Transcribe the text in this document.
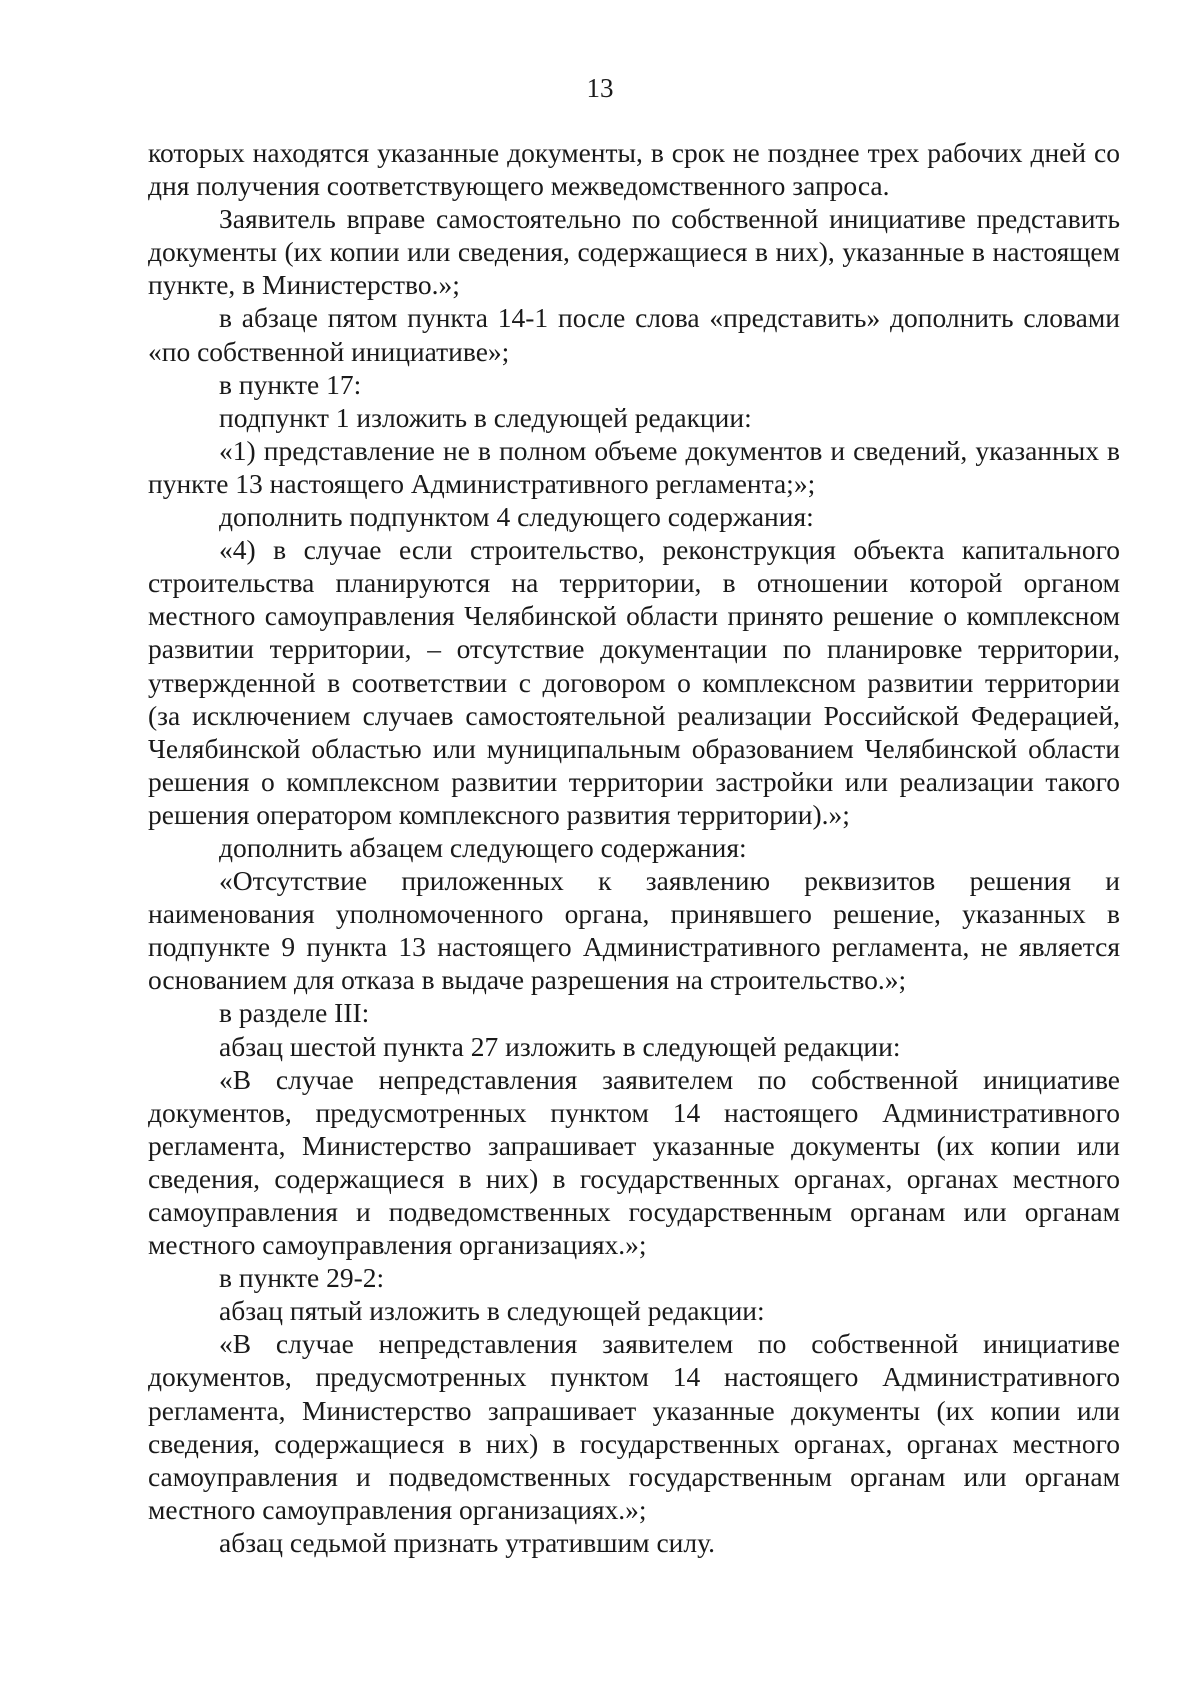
13

которых находятся указанные документы, в срок не позднее трех рабочих дней со дня получения соответствующего межведомственного запроса.

Заявитель вправе самостоятельно по собственной инициативе представить документы (их копии или сведения, содержащиеся в них), указанные в настоящем пункте, в Министерство.»;

в абзаце пятом пункта 14-1 после слова «представить» дополнить словами «по собственной инициативе»;

в пункте 17:

подпункт 1 изложить в следующей редакции:

«1) представление не в полном объеме документов и сведений, указанных в пункте 13 настоящего Административного регламента;»;

дополнить подпунктом 4 следующего содержания:

«4) в случае если строительство, реконструкция объекта капитального строительства планируются на территории, в отношении которой органом местного самоуправления Челябинской области принято решение о комплексном развитии территории, – отсутствие документации по планировке территории, утвержденной в соответствии с договором о комплексном развитии территории (за исключением случаев самостоятельной реализации Российской Федерацией, Челябинской областью или муниципальным образованием Челябинской области решения о комплексном развитии территории застройки или реализации такого решения оператором комплексного развития территории).»;

дополнить абзацем следующего содержания:

«Отсутствие приложенных к заявлению реквизитов решения и наименования уполномоченного органа, принявшего решение, указанных в подпункте 9 пункта 13 настоящего Административного регламента, не является основанием для отказа в выдаче разрешения на строительство.»;

в разделе III:

абзац шестой пункта 27 изложить в следующей редакции:

«В случае непредставления заявителем по собственной инициативе документов, предусмотренных пунктом 14 настоящего Административного регламента, Министерство запрашивает указанные документы (их копии или сведения, содержащиеся в них) в государственных органах, органах местного самоуправления и подведомственных государственным органам или органам местного самоуправления организациях.»;

в пункте 29-2:

абзац пятый изложить в следующей редакции:

«В случае непредставления заявителем по собственной инициативе документов, предусмотренных пунктом 14 настоящего Административного регламента, Министерство запрашивает указанные документы (их копии или сведения, содержащиеся в них) в государственных органах, органах местного самоуправления и подведомственных государственным органам или органам местного самоуправления организациях.»;

абзац седьмой признать утратившим силу.
